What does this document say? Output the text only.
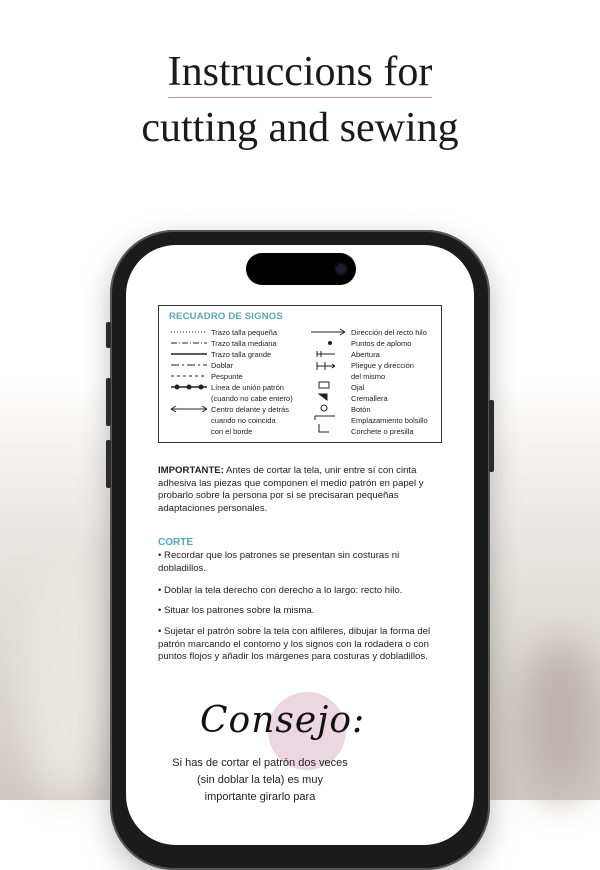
Instruccions for
cutting and sewing
RECUADRO DE SIGNOS
Trazo talla pequeña
Trazo talla mediana
Trazo talla grande
Doblar
Pespunte
Línea de unión patrón
(cuando no cabe entero)
Centro delante y detrás
cuando no coincida
con el borde
Dirección del recto hilo
Puntos de aplomo
Abertura
Pliegue y dirección
del mismo
Ojal
Cremallera
Botón
Emplazamiento bolsillo
Corchete o presilla
IMPORTANTE: Antes de cortar la tela, unir entre sí con cinta adhesiva las piezas que componen el medio patrón en papel y probarlo sobre la persona por si se precisaran pequeñas adaptaciones personales.
CORTE
• Recordar que los patrones se presentan sin costuras ni dobladillos.
• Doblar la tela derecho con derecho a lo largo: recto hilo.
• Situar los patrones sobre la misma.
• Sujetar el patrón sobre la tela con alfileres, dibujar la forma del patrón marcando el contorno y los signos con la rodadera o con puntos flojos y añadir los márgenes para costuras y dobladillos.
Consejo:
Si has de cortar el patrón dos veces (sin doblar la tela) es muy importante girarlo para
